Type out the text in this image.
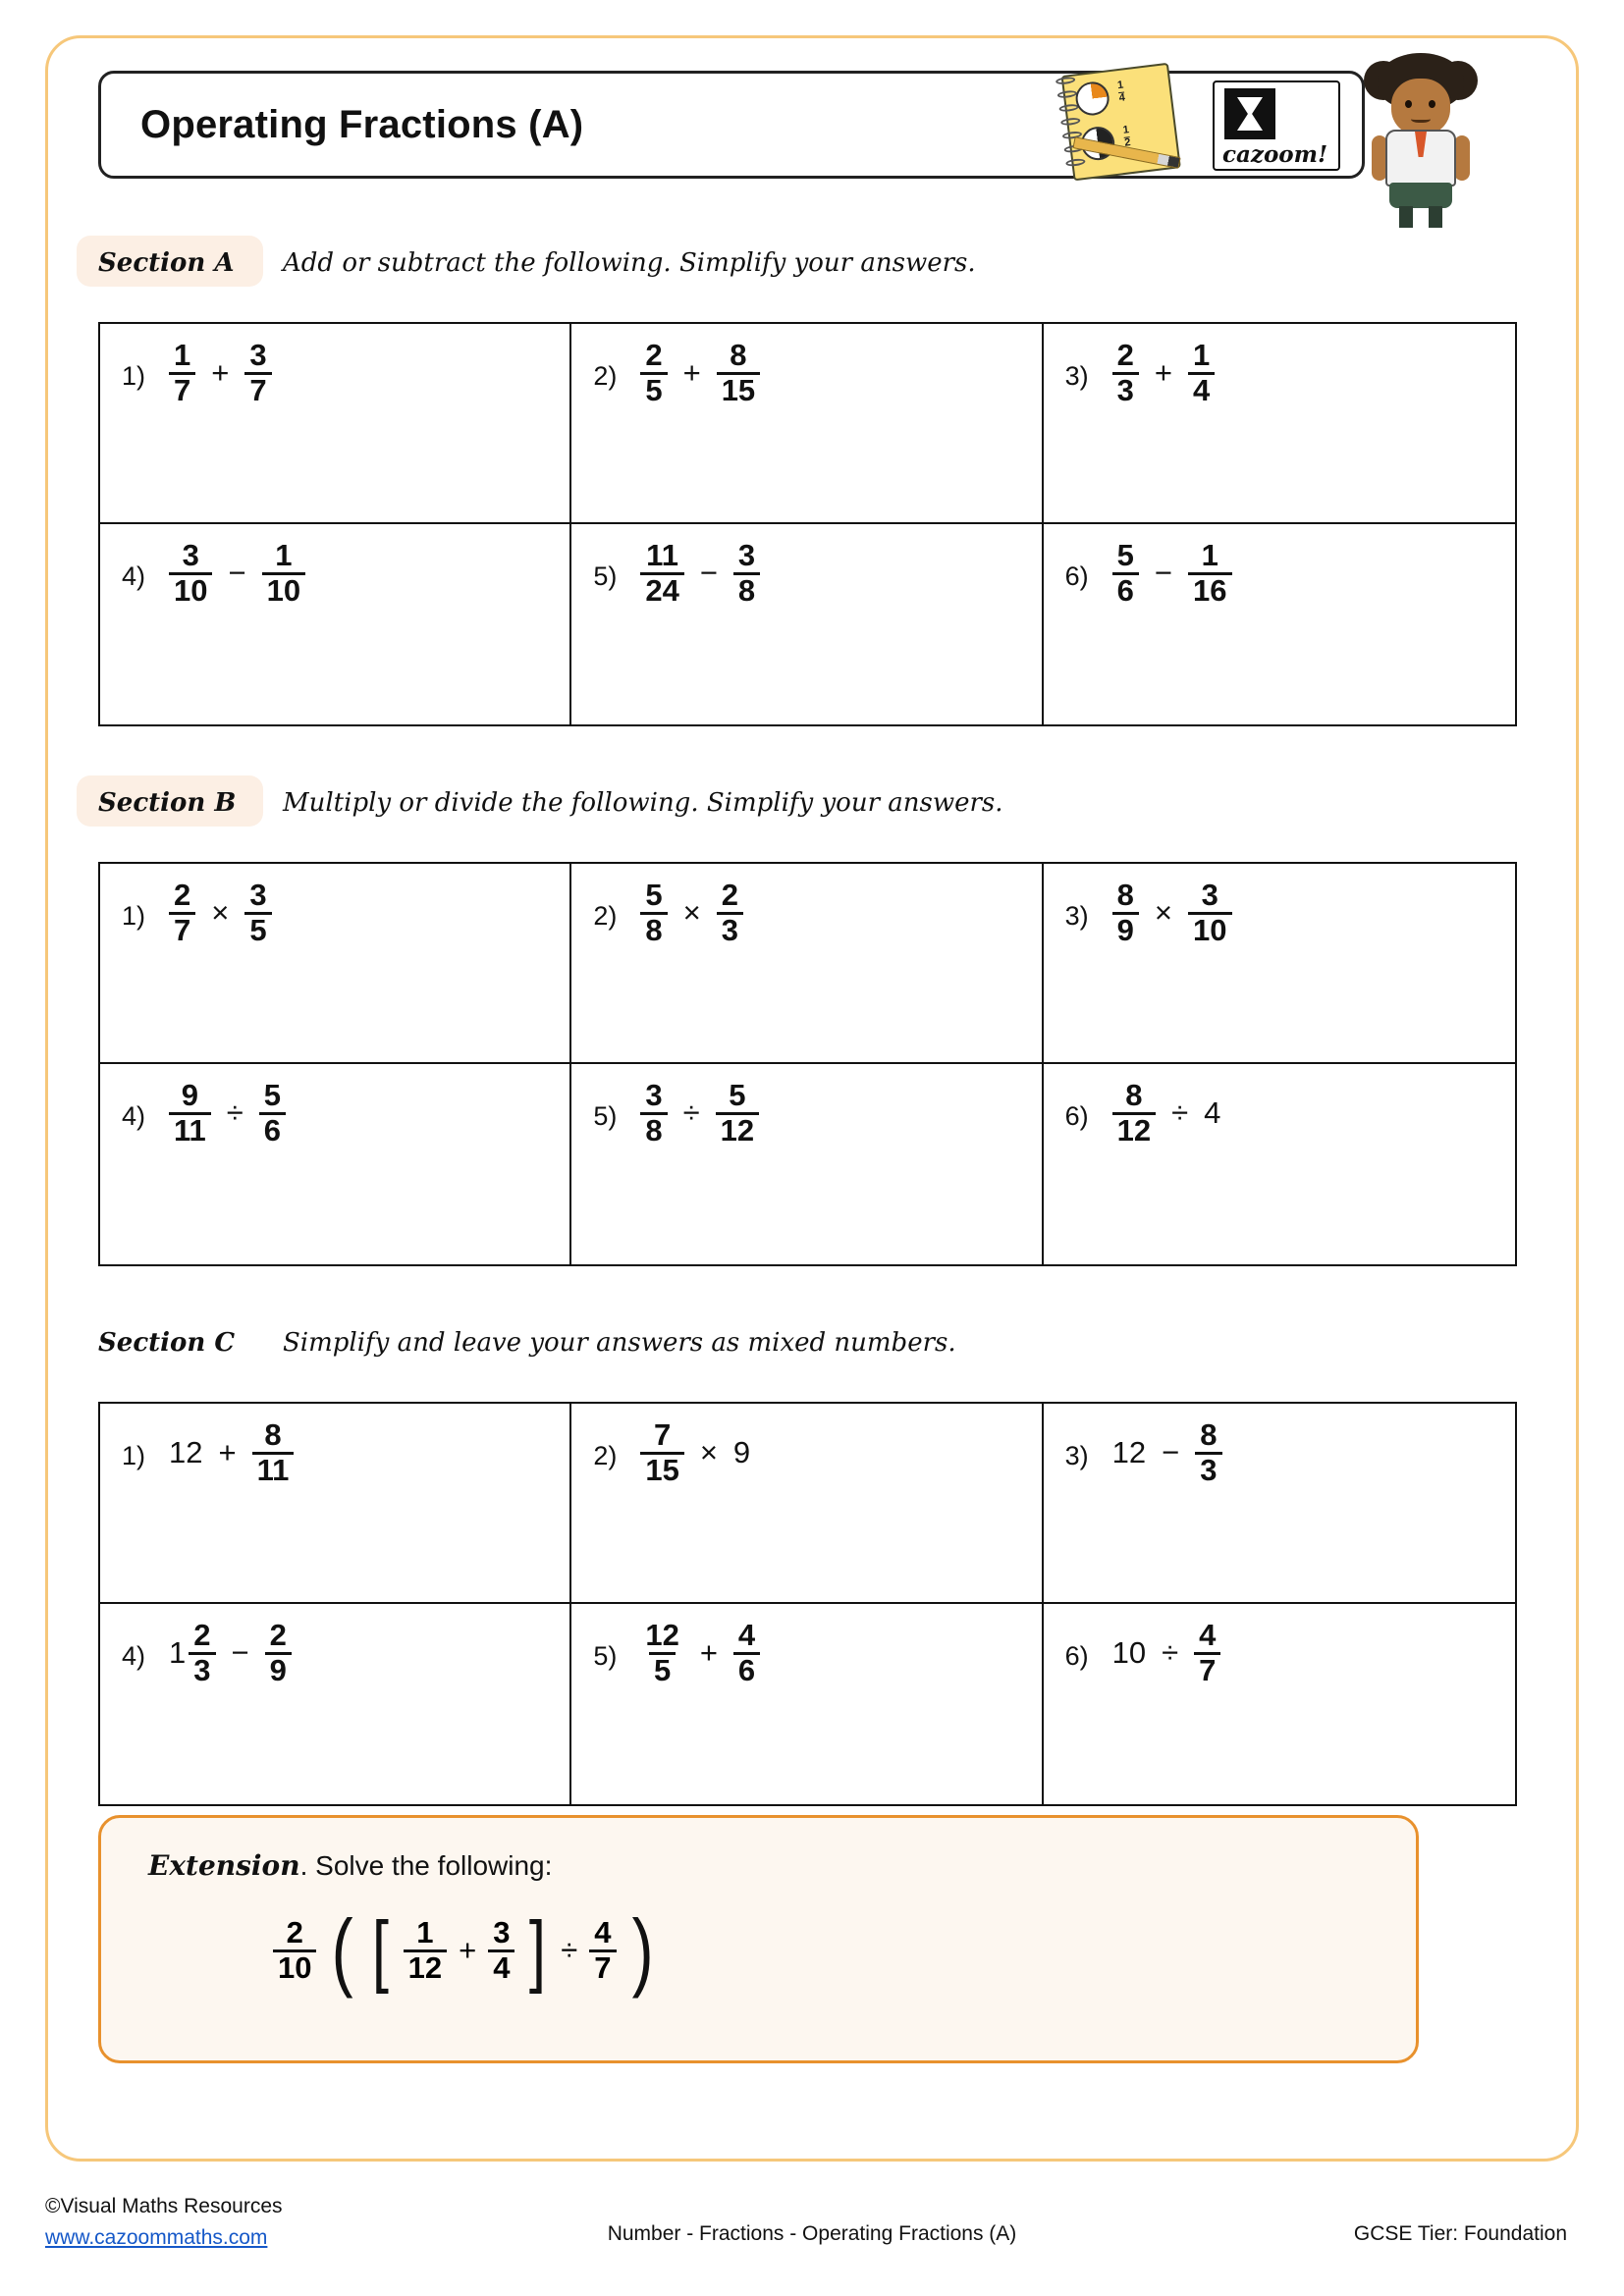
Operating Fractions (A)
$\frac{1}{4}$
$\frac{1}{2}$
cazoom!
Section A Add or subtract the following. Simplify your answers.
$1) \frac{1}{7} + \frac{3}{7}$	$2) \frac{2}{5} + \frac{8}{15}$	$3) \frac{2}{3} + \frac{1}{4}$
$4) \frac{3}{10} - \frac{1}{10}$	$5) \frac{11}{24} - \frac{3}{8}$	$6) \frac{5}{6} - \frac{1}{16}$
Section B Multiply or divide the following. Simplify your answers.
$1) \frac{2}{7} \times \frac{3}{5}$	$2) \frac{5}{8} \times \frac{2}{3}$	$3) \frac{8}{9} \times \frac{3}{10}$
$4) \frac{9}{11} \div \frac{5}{6}$	$5) \frac{3}{8} \div \frac{5}{12}$	$6) \frac{8}{12} \div 4$
Section C Simplify and leave your answers as mixed numbers.
1) $12 + \frac{8}{11}$	$2) \frac{7}{15} \times 9$	3) $12 - \frac{8}{3}$
4) $1 \frac{2}{3} - \frac{2}{9}$	$5) \frac{12}{5} + \frac{4}{6}$	6) $10 \div \frac{4}{7}$
Extension. Solve the following:
$\frac{2}{10}$ ( [ $\frac{1}{12} + \frac{3}{4}$ ] ÷ $\frac{4}{7}$ )
©Visual Maths Resources
www.cazoommaths.com	Number - Fractions - Operating Fractions (A)	GCSE Tier: Foundation
